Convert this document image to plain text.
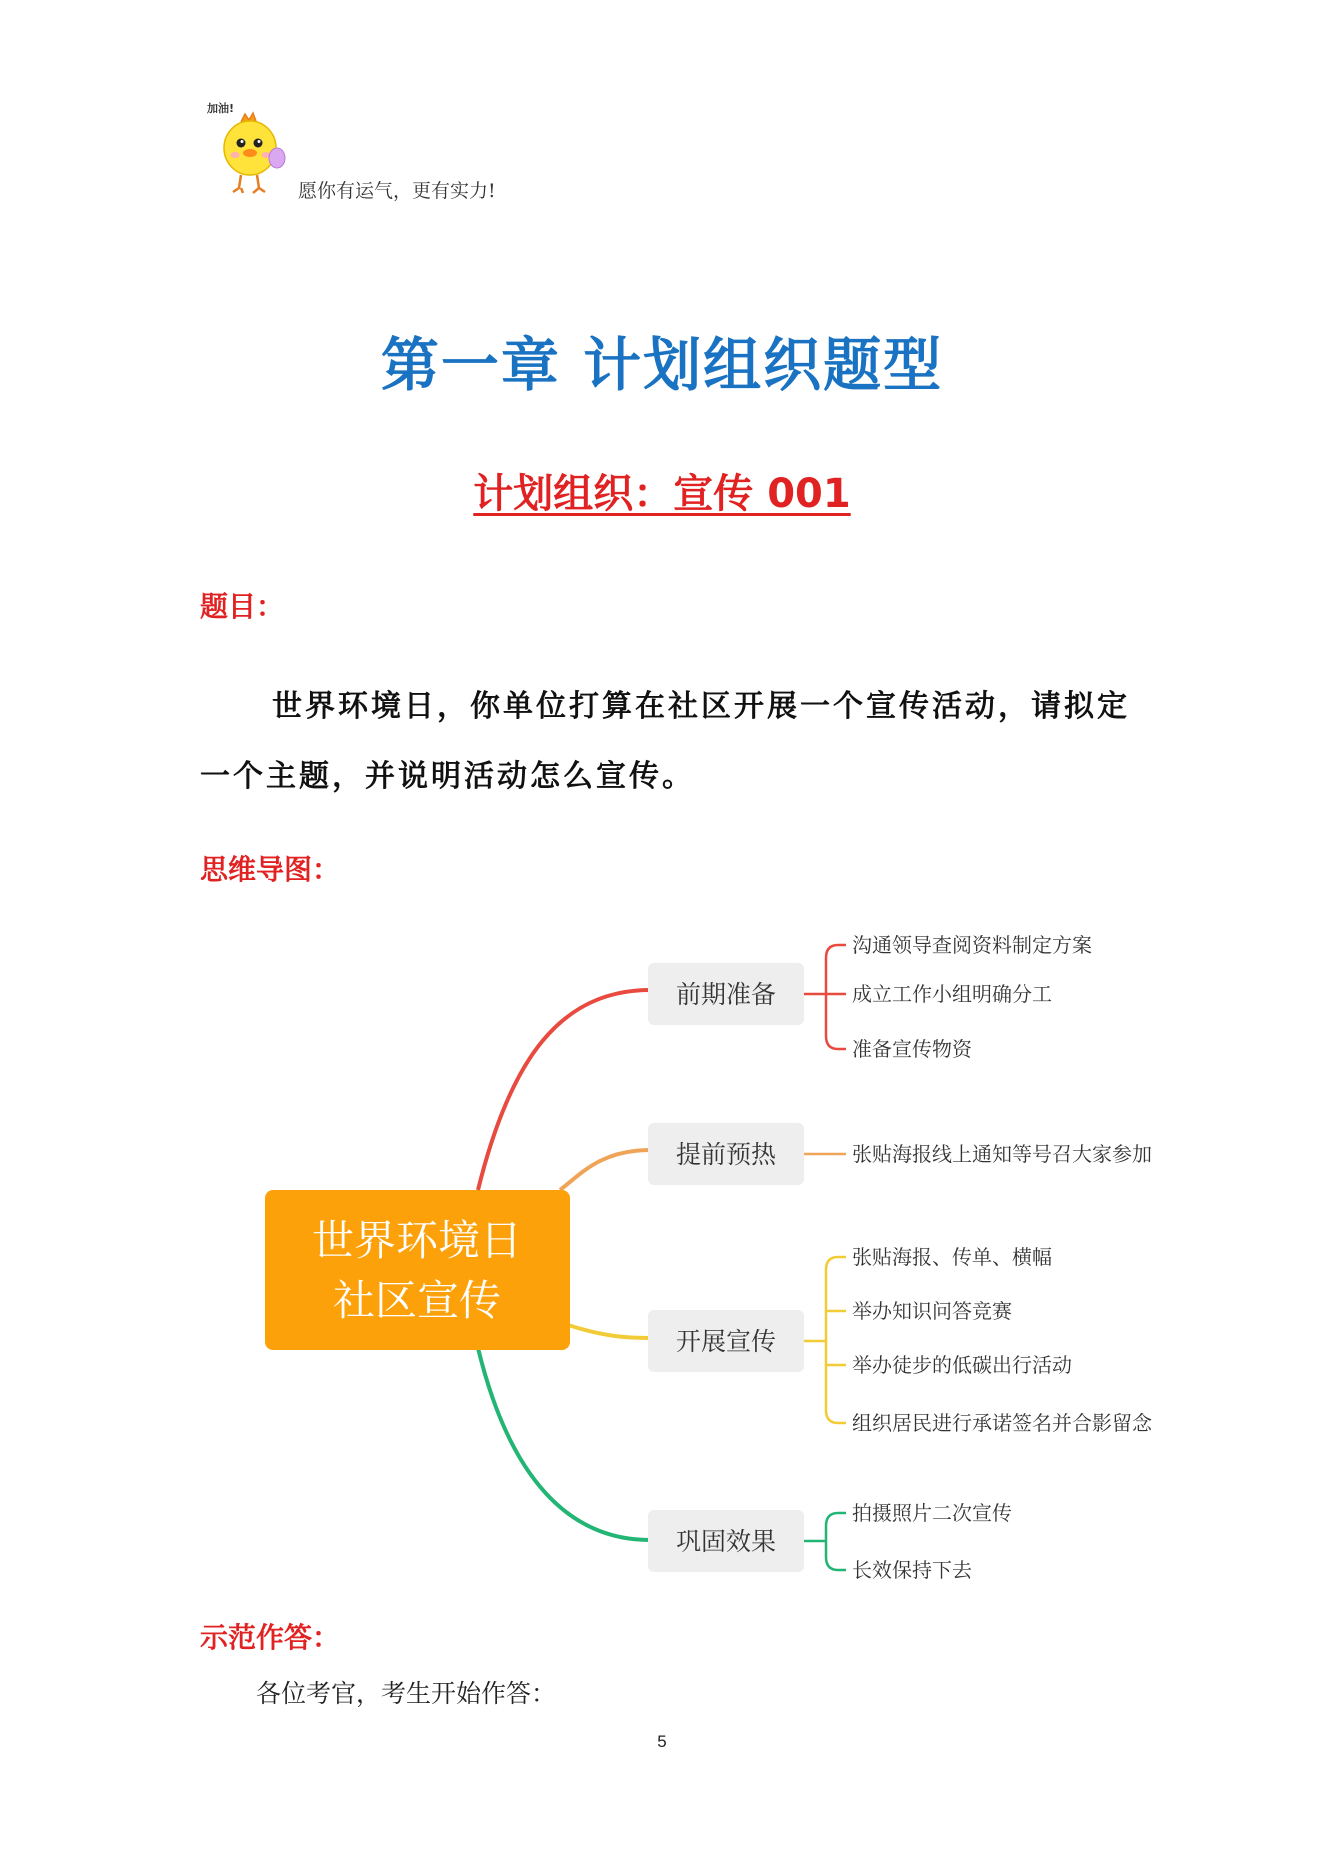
加油!
愿你有运气，更有实力!
第一章 计划组织题型
计划组织：宣传 001
题目：
世界环境日，你单位打算在社区开展一个宣传活动，请拟定一个主题，并说明活动怎么宣传。
思维导图：
世界环境日
社区宣传
前期准备
沟通领导查阅资料制定方案
成立工作小组明确分工
准备宣传物资
提前预热	张贴海报线上通知等号召大家参加
开展宣传
张贴海报、传单、横幅
举办知识问答竞赛
举办徒步的低碳出行活动
组织居民进行承诺签名并合影留念
巩固效果
拍摄照片二次宣传
长效保持下去
示范作答：
各位考官，考生开始作答：
5
